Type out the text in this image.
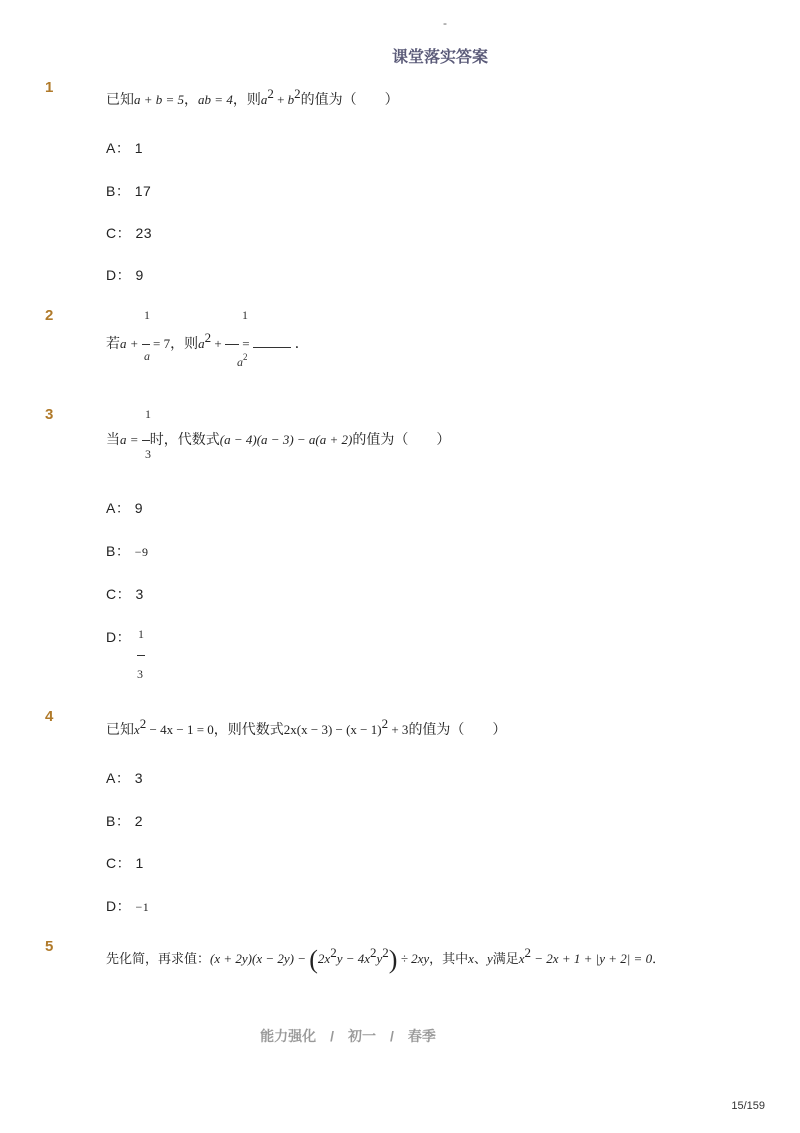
-
课堂落实答案
1
已知a + b = 5，ab = 4，则$a^2 + b^2$的值为（　　）
A： 1
B： 17
C： 23
D： 9
2
若a +  = 7，则$a^2$ +  =	．
1
a
1
$a^2$
3
当a = 时，代数式(a − 4)(a − 3) − a(a + 2)的值为（　　）
1
3
A： 9
B： −9
C： 3
D： 1
3
4
已知$x^2 - 4x - 1 = 0$，则代数式$2x(x - 3) - (x - 1)^2 + 3$的值为（　　）
A： 3
B： 2
C： 1
D： −1
5
先化简，再求值：$(x + 2y)(x - 2y) - (2x^2y - 4x^2y^2) \div 2xy$，其中x、y满足$x^2 - 2x + 1 + |y + 2| = 0$．
能力强化　/　初一　/　春季
15/159
